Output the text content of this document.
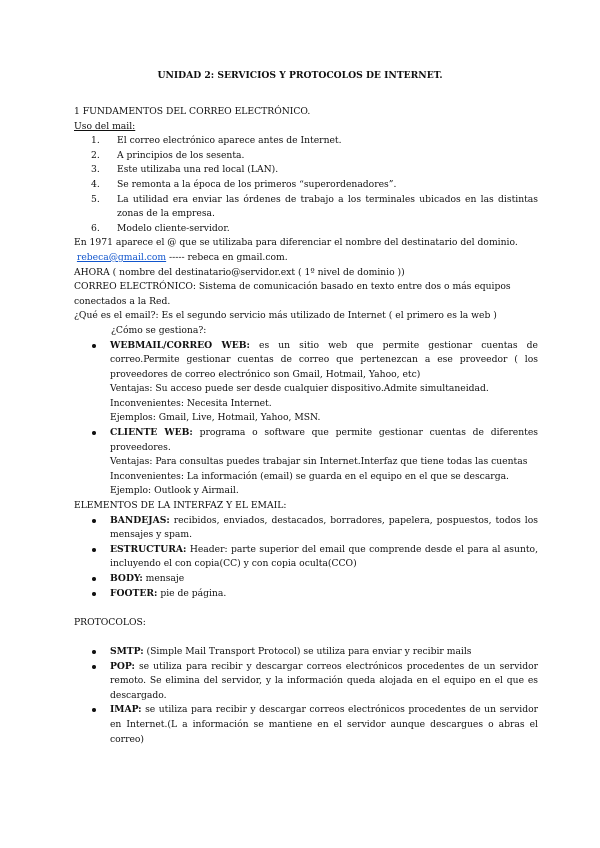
UNIDAD 2: SERVICIOS Y PROTOCOLOS DE INTERNET.

1 FUNDAMENTOS DEL CORREO ELECTRÓNICO.

Uso del mail:

1. El correo electrónico aparece antes de Internet.
2. A principios de los sesenta.
3. Este utilizaba una red local (LAN).
4. Se remonta a la época de los primeros “superordenadores”.
5. La utilidad era enviar las órdenes de trabajo a los terminales ubicados en las distintas zonas de la empresa.
6. Modelo cliente-servidor.

En 1971 aparece el @ que se utilizaba para diferenciar el nombre del destinatario del dominio.

rebeca@gmail.com ----- rebeca en gmail.com.

AHORA ( nombre del destinatario@servidor.ext ( 1º nivel de dominio ))

CORREO ELECTRÓNICO: Sistema de comunicación basado en texto entre dos o más equipos conectados a la Red.

¿Qué es el email?: Es el segundo servicio más utilizado de Internet ( el primero es la web )

¿Cómo se gestiona?:

WEBMAIL/CORREO WEB: es un sitio web que permite gestionar cuentas de correo.Permite gestionar cuentas de correo que pertenezcan a ese proveedor ( los proveedores de correo electrónico son Gmail, Hotmail, Yahoo, etc)
Ventajas: Su acceso puede ser desde cualquier dispositivo.Admite simultaneidad.
Inconvenientes: Necesita Internet.
Ejemplos: Gmail, Live, Hotmail, Yahoo, MSN.
CLIENTE WEB: programa o software que permite gestionar cuentas de diferentes proveedores.
Ventajas: Para consultas puedes trabajar sin Internet.Interfaz que tiene todas las cuentas
Inconvenientes: La información (email) se guarda en el equipo en el que se descarga.
Ejemplo: Outlook y Airmail.

ELEMENTOS DE LA INTERFAZ Y EL EMAIL:

BANDEJAS: recibidos, enviados, destacados, borradores, papelera, pospuestos, todos los mensajes y spam.
ESTRUCTURA: Header: parte superior del email que comprende desde el para al asunto, incluyendo el con copia(CC) y con copia oculta(CCO)
BODY: mensaje
FOOTER: pie de página.

PROTOCOLOS:

SMTP: (Simple Mail Transport Protocol) se utiliza para enviar y recibir mails
POP: se utiliza para recibir y descargar correos electrónicos procedentes de un servidor remoto. Se elimina del servidor, y la información queda alojada en el equipo en el que es descargado.
IMAP: se utiliza para recibir y descargar correos electrónicos procedentes de un servidor en Internet.(L a información se mantiene en el servidor aunque descargues o abras el correo)
